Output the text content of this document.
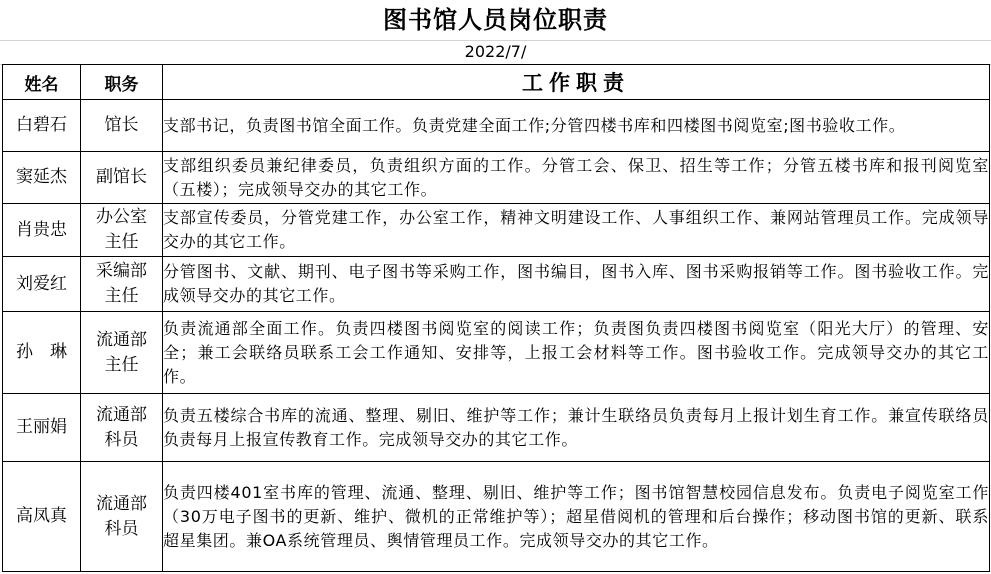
图书馆人员岗位职责
2022/7/
姓名	职务	工作职责
白碧石	馆长	支部书记，负责图书馆全面工作。负责党建全面工作;分管四楼书库和四楼图书阅览室;图书验收工作。
窦延杰	副馆长	支部组织委员兼纪律委员，负责组织方面的工作。分管工会、保卫、招生等工作；分管五楼书库和报刊阅览室（五楼）；完成领导交办的其它工作。
肖贵忠	办公室主任	支部宣传委员，分管党建工作，办公室工作，精神文明建设工作、人事组织工作、兼网站管理员工作。完成领导交办的其它工作。
刘爱红	采编部主任	分管图书、文献、期刊、电子图书等采购工作，图书编目，图书入库、图书采购报销等工作。图书验收工作。完成领导交办的其它工作。
孙　琳	流通部主任	负责流通部全面工作。负责四楼图书阅览室的阅读工作；负责图负责四楼图书阅览室（阳光大厅）的管理、安全；兼工会联络员联系工会工作通知、安排等，上报工会材料等工作。图书验收工作。完成领导交办的其它工作。
王丽娟	流通部科员	负责五楼综合书库的流通、整理、剔旧、维护等工作；兼计生联络员负责每月上报计划生育工作。兼宣传联络员负责每月上报宣传教育工作。完成领导交办的其它工作。
高凤真	流通部科员	负责四楼401室书库的管理、流通、整理、剔旧、维护等工作；图书馆智慧校园信息发布。负责电子阅览室工作（30万电子图书的更新、维护、微机的正常维护等）；超星借阅机的管理和后台操作；移动图书馆的更新、联系超星集团。兼OA系统管理员、舆情管理员工作。完成领导交办的其它工作。
